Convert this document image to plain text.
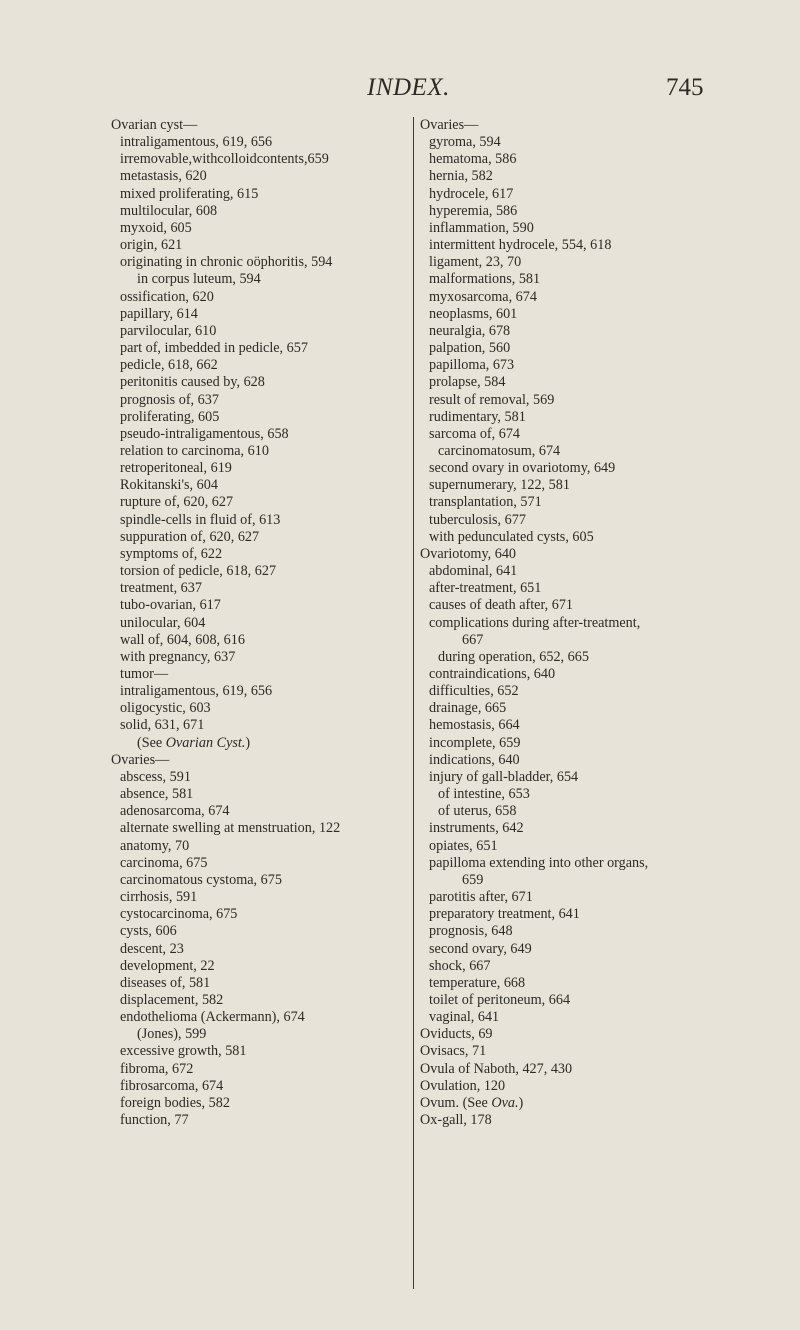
INDEX.	745
Ovarian cyst—
intraligamentous, 619, 656
irremovable,withcolloidcontents,659
metastasis, 620
mixed proliferating, 615
multilocular, 608
myxoid, 605
origin, 621
originating in chronic oöphoritis, 594
in corpus luteum, 594
ossification, 620
papillary, 614
parvilocular, 610
part of, imbedded in pedicle, 657
pedicle, 618, 662
peritonitis caused by, 628
prognosis of, 637
proliferating, 605
pseudo-intraligamentous, 658
relation to carcinoma, 610
retroperitoneal, 619
Rokitanski's, 604
rupture of, 620, 627
spindle-cells in fluid of, 613
suppuration of, 620, 627
symptoms of, 622
torsion of pedicle, 618, 627
treatment, 637
tubo-ovarian, 617
unilocular, 604
wall of, 604, 608, 616
with pregnancy, 637
tumor—
intraligamentous, 619, 656
oligocystic, 603
solid, 631, 671
(See Ovarian Cyst.)
Ovaries—
abscess, 591
absence, 581
adenosarcoma, 674
alternate swelling at menstruation, 122
anatomy, 70
carcinoma, 675
carcinomatous cystoma, 675
cirrhosis, 591
cystocarcinoma, 675
cysts, 606
descent, 23
development, 22
diseases of, 581
displacement, 582
endothelioma (Ackermann), 674
(Jones), 599
excessive growth, 581
fibroma, 672
fibrosarcoma, 674
foreign bodies, 582
function, 77
Ovaries—
gyroma, 594
hematoma, 586
hernia, 582
hydrocele, 617
hyperemia, 586
inflammation, 590
intermittent hydrocele, 554, 618
ligament, 23, 70
malformations, 581
myxosarcoma, 674
neoplasms, 601
neuralgia, 678
palpation, 560
papilloma, 673
prolapse, 584
result of removal, 569
rudimentary, 581
sarcoma of, 674
carcinomatosum, 674
second ovary in ovariotomy, 649
supernumerary, 122, 581
transplantation, 571
tuberculosis, 677
with pedunculated cysts, 605
Ovariotomy, 640
abdominal, 641
after-treatment, 651
causes of death after, 671
complications during after-treatment,
667
during operation, 652, 665
contraindications, 640
difficulties, 652
drainage, 665
hemostasis, 664
incomplete, 659
indications, 640
injury of gall-bladder, 654
of intestine, 653
of uterus, 658
instruments, 642
opiates, 651
papilloma extending into other organs,
659
parotitis after, 671
preparatory treatment, 641
prognosis, 648
second ovary, 649
shock, 667
temperature, 668
toilet of peritoneum, 664
vaginal, 641
Oviducts, 69
Ovisacs, 71
Ovula of Naboth, 427, 430
Ovulation, 120
Ovum. (See Ova.)
Ox-gall, 178
